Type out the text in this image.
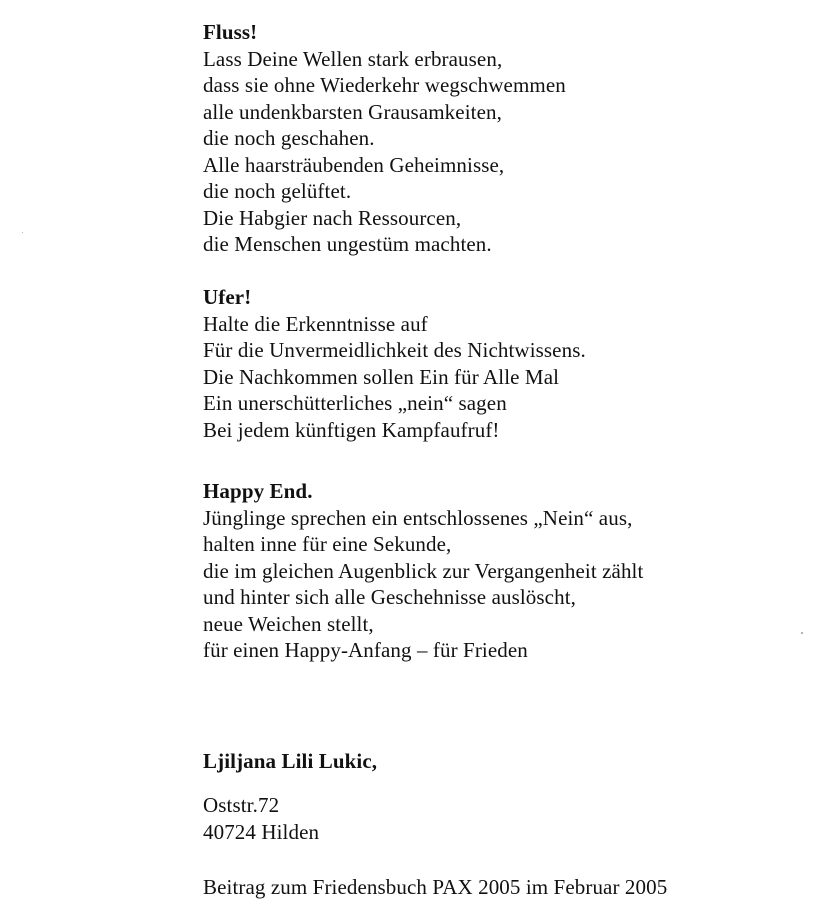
Fluss!
Lass Deine Wellen stark erbrausen,
dass sie ohne Wiederkehr wegschwemmen
alle undenkbarsten Grausamkeiten,
die noch geschahen.
Alle haarsträubenden Geheimnisse,
die noch gelüftet.
Die Habgier nach Ressourcen,
die Menschen ungestüm machten.
Ufer!
Halte die Erkenntnisse auf
Für die Unvermeidlichkeit des Nichtwissens.
Die Nachkommen sollen Ein für Alle Mal
Ein unerschütterliches „nein“ sagen
Bei jedem künftigen Kampfaufruf!
Happy End.
Jünglinge sprechen ein entschlossenes „Nein“ aus,
halten inne für eine Sekunde,
die im gleichen Augenblick zur Vergangenheit zählt
und hinter sich alle Geschehnisse auslöscht,
neue Weichen stellt,
für einen Happy-Anfang – für Frieden
Ljiljana Lili Lukic,
Oststr.72
40724 Hilden
Beitrag zum Friedensbuch PAX 2005 im Februar 2005
